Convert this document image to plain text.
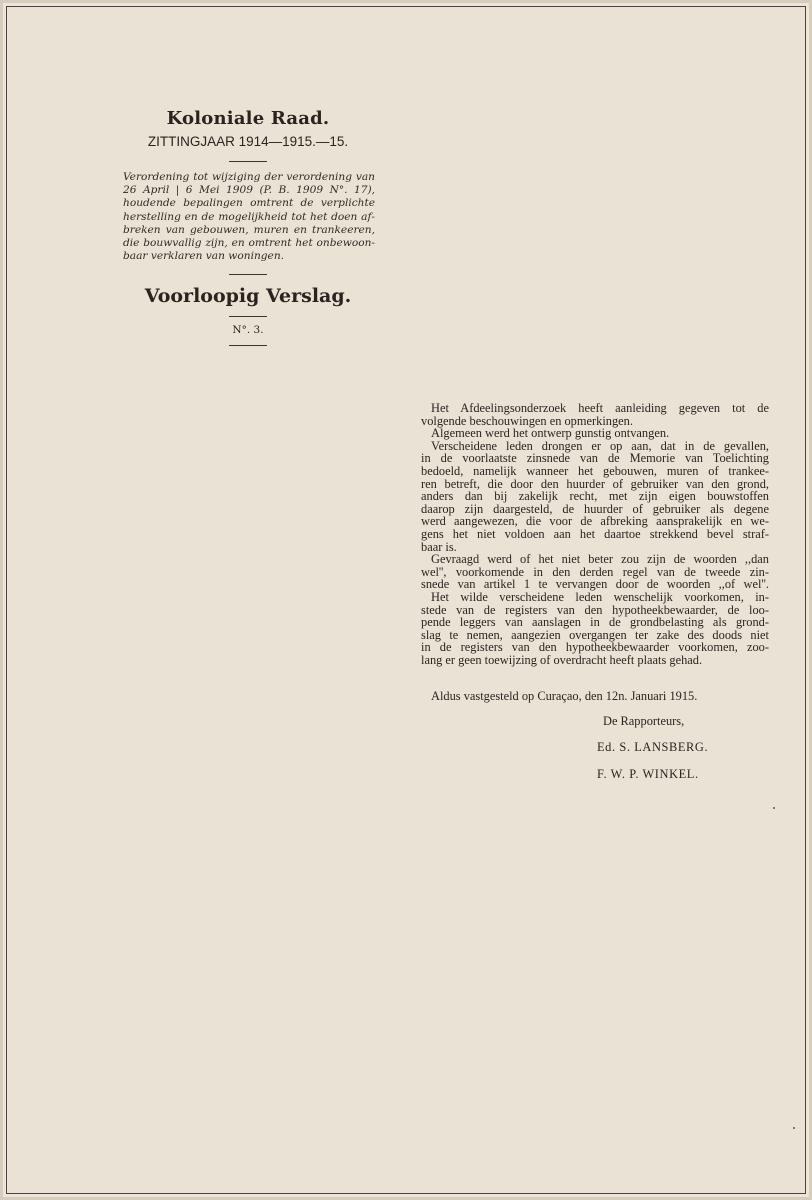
Koloniale Raad.
ZITTINGJAAR 1914—1915.—15.

Verordening tot wijziging der verordening van 26 April | 6 Mei 1909 (P. B. 1909 N°. 17), houdende bepalingen omtrent de verplichte herstelling en de mogelijkheid tot het doen afbreken van gebouwen, muren en trankeeren, die bouwvallig zijn, en omtrent het onbewoonbaar verklaren van woningen.

Voorloopig Verslag.
N°. 3.
Het Afdeelingsonderzoek heeft aanleiding gegeven tot de
volgende beschouwingen en opmerkingen.
Algemeen werd het ontwerp gunstig ontvangen.
Verscheidene leden drongen er op aan, dat in de gevallen,
in de voorlaatste zinsnede van de Memorie van Toelichting
bedoeld, namelijk wanneer het gebouwen, muren of trankee-
ren betreft, die door den huurder of gebruiker van den grond,
anders dan bij zakelijk recht, met zijn eigen bouwstoffen
daarop zijn daargesteld, de huurder of gebruiker als degene
werd aangewezen, die voor de afbreking aansprakelijk en we-
gens het niet voldoen aan het daartoe strekkend bevel straf-
baar is.
Gevraagd werd of het niet beter zou zijn de woorden ,,dan
wel'', voorkomende in den derden regel van de tweede zin-
snede van artikel 1 te vervangen door de woorden ,,of wel''.
Het wilde verscheidene leden wenschelijk voorkomen, in-
stede van de registers van den hypotheekbewaarder, de loo-
pende leggers van aanslagen in de grondbelasting als grond-
slag te nemen, aangezien overgangen ter zake des doods niet
in de registers van den hypotheekbewaarder voorkomen, zoo-
lang er geen toewijzing of overdracht heeft plaats gehad.
Aldus vastgesteld op Curaçao, den 12n. Januari 1915.
De Rapporteurs,
Ed. S. LANSBERG.
F. W. P. WINKEL.
